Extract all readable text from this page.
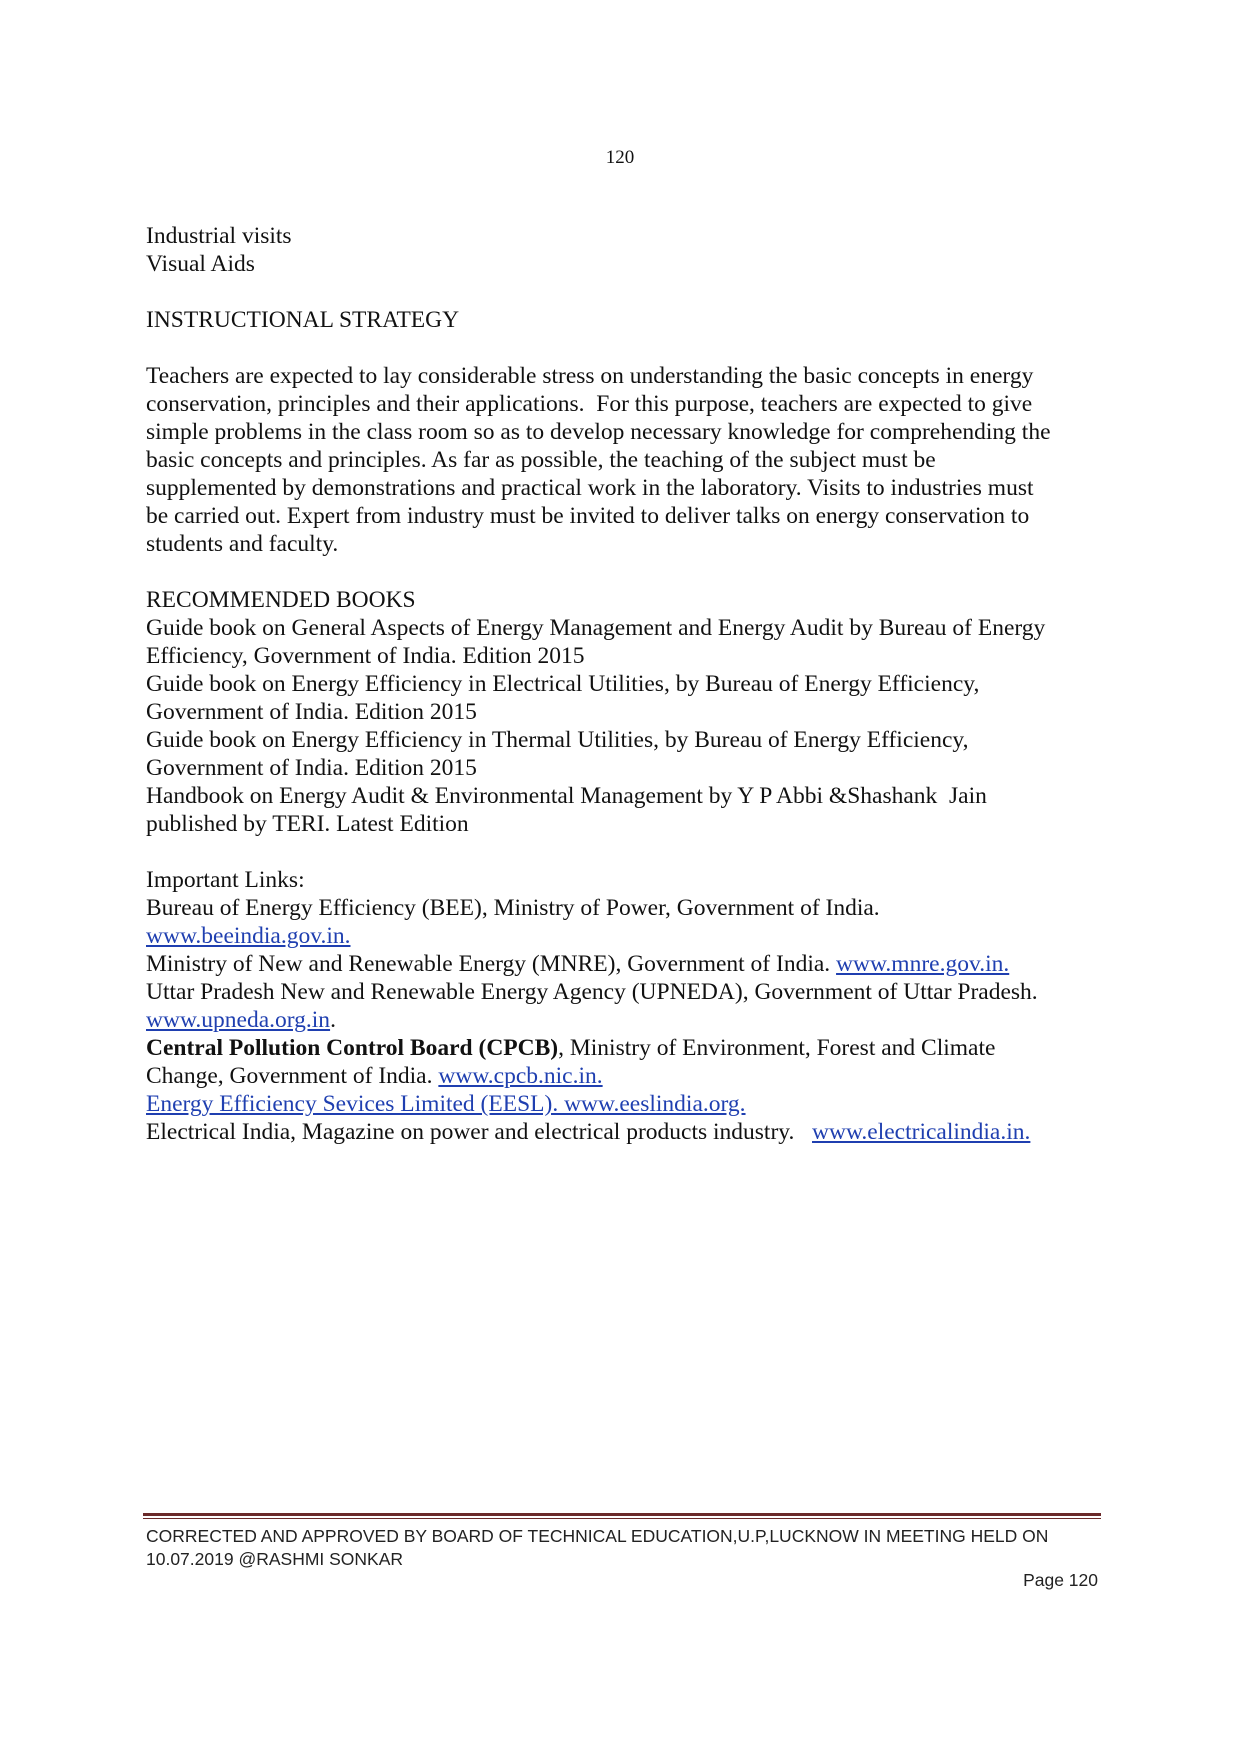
120
Industrial visits
Visual Aids
INSTRUCTIONAL STRATEGY
Teachers are expected to lay considerable stress on understanding the basic concepts in energy
conservation, principles and their applications.  For this purpose, teachers are expected to give
simple problems in the class room so as to develop necessary knowledge for comprehending the
basic concepts and principles. As far as possible, the teaching of the subject must be
supplemented by demonstrations and practical work in the laboratory. Visits to industries must
be carried out. Expert from industry must be invited to deliver talks on energy conservation to
students and faculty.
RECOMMENDED BOOKS
Guide book on General Aspects of Energy Management and Energy Audit by Bureau of Energy
Efficiency, Government of India. Edition 2015
Guide book on Energy Efficiency in Electrical Utilities, by Bureau of Energy Efficiency,
Government of India. Edition 2015
Guide book on Energy Efficiency in Thermal Utilities, by Bureau of Energy Efficiency,
Government of India. Edition 2015
Handbook on Energy Audit & Environmental Management by Y P Abbi &Shashank  Jain
published by TERI. Latest Edition
Important Links:
Bureau of Energy Efficiency (BEE), Ministry of Power, Government of India.
www.beeindia.gov.in.
Ministry of New and Renewable Energy (MNRE), Government of India. www.mnre.gov.in.
Uttar Pradesh New and Renewable Energy Agency (UPNEDA), Government of Uttar Pradesh.
www.upneda.org.in.
Central Pollution Control Board (CPCB), Ministry of Environment, Forest and Climate
Change, Government of India. www.cpcb.nic.in.
Energy Efficiency Sevices Limited (EESL). www.eeslindia.org.
Electrical India, Magazine on power and electrical products industry.   www.electricalindia.in.
CORRECTED AND APPROVED BY BOARD OF TECHNICAL EDUCATION,U.P,LUCKNOW IN MEETING HELD ON
10.07.2019 @RASHMI SONKAR
Page 120
